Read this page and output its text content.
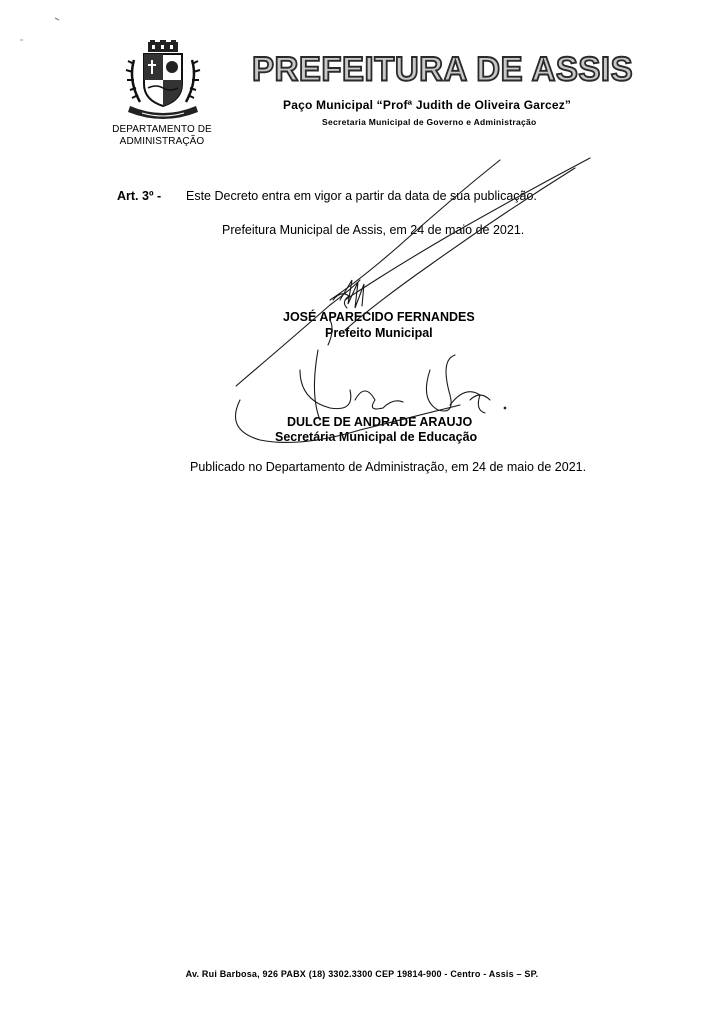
DEPARTAMENTO DE
ADMINISTRAÇÃO
PREFEITURA DE ASSIS
Paço Municipal “Profª Judith de Oliveira Garcez”
Secretaria Municipal de Governo e Administração
Art. 3º - Este Decreto entra em vigor a partir da data de sua publicação.
Prefeitura Municipal de Assis, em 24 de maio de 2021.
JOSÉ APARECIDO FERNANDES
Prefeito Municipal
DULCE DE ANDRADE ARAUJO
Secretária Municipal de Educação
Publicado no Departamento de Administração, em 24 de maio de 2021.
Av. Rui Barbosa, 926 PABX (18) 3302.3300 CEP 19814-900 - Centro - Assis – SP.
